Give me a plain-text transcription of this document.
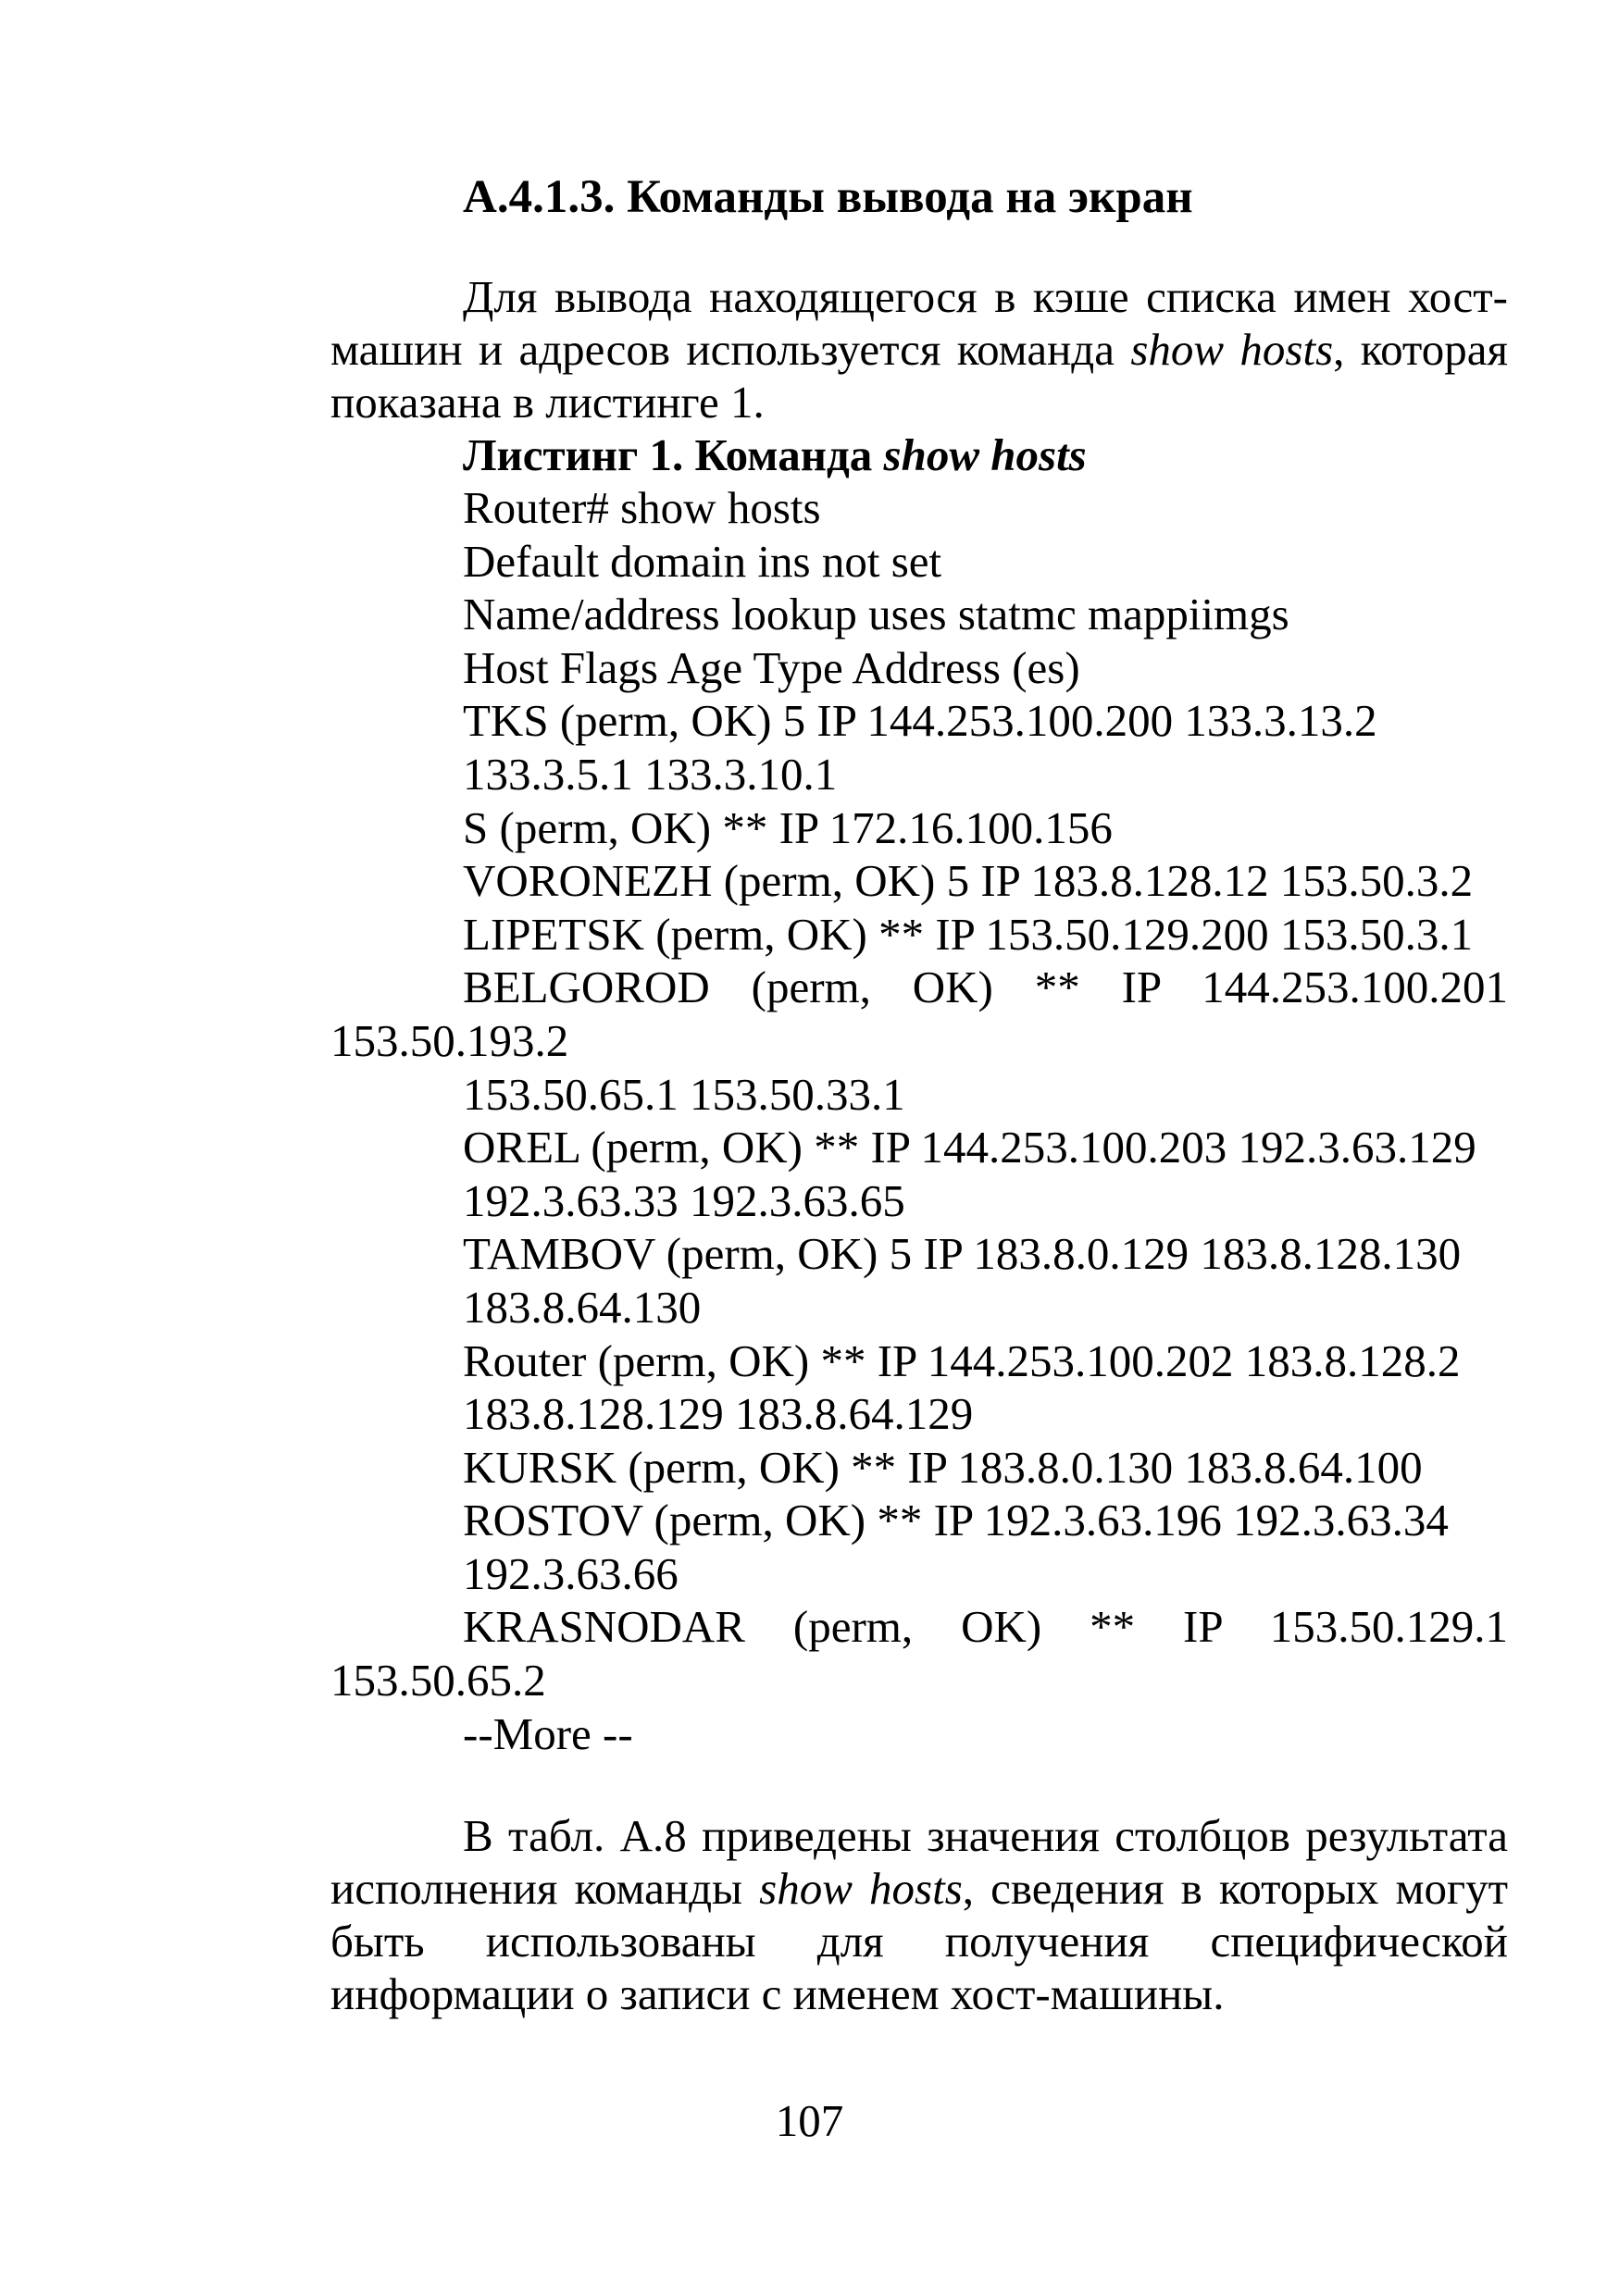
А.4.1.3. Команды вывода на экран
Для вывода находящегося в кэше списка имен хост-машин и адресов используется команда show hosts, которая показана в листинге 1.
Листинг 1. Команда show hosts
Router# show hosts
Default domain ins not set
Name/address lookup uses statmc mappiimgs
Host Flags Age Type Address (es)
TKS (perm, OK) 5 IP 144.253.100.200 133.3.13.2
133.3.5.1 133.3.10.1
S (perm, OK) ** IP 172.16.100.156
VORONEZH (perm, OK) 5 IP 183.8.128.12 153.50.3.2
LIPETSK (perm, OK) ** IP 153.50.129.200 153.50.3.1
BELGOROD (perm, OK) ** IP 144.253.100.201 153.50.193.2
153.50.65.1 153.50.33.1
OREL (perm, OK) ** IP 144.253.100.203 192.3.63.129
192.3.63.33 192.3.63.65
TAMBOV (perm, OK) 5 IP 183.8.0.129 183.8.128.130
183.8.64.130
Router (perm, OK) ** IP 144.253.100.202 183.8.128.2
183.8.128.129 183.8.64.129
KURSK (perm, OK) ** IP 183.8.0.130 183.8.64.100
ROSTOV (perm, OK) ** IP 192.3.63.196 192.3.63.34
192.3.63.66
KRASNODAR (perm, OK) ** IP 153.50.129.1 153.50.65.2
--More --
В табл. А.8 приведены значения столбцов результата исполнения команды show hosts, сведения в которых могут быть использованы для получения специфической информации о записи с именем хост-машины.
107
